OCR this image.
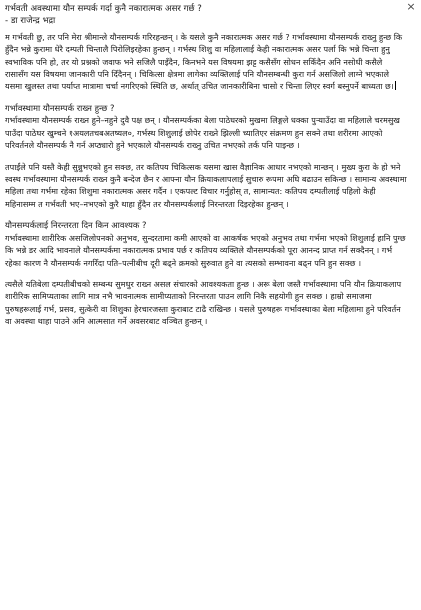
×
गर्भवती अवस्थामा यौन सम्पर्क गर्दा कुनै नकारात्मक असर गर्छ ?
- डा राजेन्द्र भद्रा

म गर्भवती छु, तर पनि मेरा श्रीमान्ले यौनसम्पर्क गरिरहन्छन् । के यसले कुनै नकारात्मक असर गर्छ ? गर्भावस्थामा यौनसम्पर्क राख्नु हुन्छ कि हुँदैन भन्ने कुरामा धेरै दम्पती चिन्तालै पिरोलिइरहेका हुन्छन् । गर्भस्थ शिशु वा महिलालाई केही नकारात्मक असर पर्ला कि भन्ने चिन्ता हुनु स्वभाविक पनि हो, तर यो प्रश्नको जवाफ भने सजिलै पाइँदैन, किनभने यस विषयमा झट्ट कसैसँग सोधन सकिँदैन अनि नसोधी कसैले रासासँग यस विषयमा जानकारी पनि दिँदैनन् । चिकित्सा क्षेत्रमा लागेका व्यक्तिलाई पनि यौनसम्बन्धी कुरा गर्न असजिलो लाग्ने भएकाले यसमा खुलस्त तथा पर्याप्त मात्रामा चर्चा नगरिएको स्थिति छ, अर्थात् उचित जानकारीबिना चासो र चिन्ता लिएर स्वर्ग बस्नुपर्ने बाध्यता छ।

गर्भावस्थामा यौनसम्पर्क राख्न हुन्छ ?

गर्भावस्थामा यौनसम्पर्क राख्न हुने–नहुने दुवै पक्ष छन् । यौनसम्पर्कका बेला पाठेघरको मुखमा लिङ्गले धक्का पुऱ्याउँदा वा महिलाले चरमसुख पाउँदा पाठेघर खुम्चने १अयलतचबअतष्यल०, गर्भस्थ शिशुलाई छोपेर राख्ने झिल्ली च्यातिएर संक्रमण हुन सक्ने तथा शरीरमा आएको परिवर्तनले यौनसम्पर्क नै गर्न अप्ठ्यारो हुने भएकाले यौनसम्पर्क राख्नु उचित नभएको तर्क पनि पाइन्छ ।

तपाईंले पनि यस्तै केही सुन्नुभएको हुन सक्छ, तर कतिपय चिकित्सक यसमा खास वैज्ञानिक आधार नभएको मान्छन् । मुख्य कुरा के हो भने स्वस्थ गर्भावस्थामा यौनसम्पर्क राख्न कुनै बन्देज छैन र आफ्ना यौन क्रियाकलापलाई सुचारु रूपमा अघि बढाउन सकिन्छ । सामान्य अवस्थामा महिला तथा गर्भमा रहेका शिशुमा नकारात्मक असर गर्दैन । एकपल्ट विचार गर्नुहोस् त, सामान्यत: कतिपय दम्पतीलाई पहिलो केही महिनासम्म त गर्भवती भए–नभएको कुरै थाहा हुँदैन तर यौनसम्पर्कलाई निरन्तरता दिइरहेका हुन्छन् ।

यौनसम्पर्कलाई निरन्तरता दिन किन आवश्यक ?

गर्भावस्थामा शारीरिक असजिलोपनको अनुभव, सुन्दरतामा कमी आएको वा आकर्षक भएको अनुभव तथा गर्भमा भएको शिशुलाई हानि पुग्छ कि भन्ने डर आदि भावनाले यौनसम्पर्कमा नकारात्मक प्रभाव पर्छ र कतिपय व्यक्तिले यौनसम्पर्कको पूरा आनन्द प्राप्त गर्न सक्दैनन् । गर्भ रहेका कारण नै यौनसम्पर्क नगरिँदा पति–पत्नीबीच दूरी बढ्ने क्रमको सुरुवात हुने वा त्यसको सम्भावना बढ्न पनि हुन सक्छ ।

त्यसैले यतिबेला दम्पतीबीचको सम्बन्ध सुमधुर राख्न असल संचारको आवश्यकता हुन्छ । अरू बेला जस्तै गर्भावस्थामा पनि यौन क्रियाकलाप शारीरिक सामिप्यताका लागि मात्र नभै भावनात्मक सामीप्यताको निरन्तरता पाउन लागि निकै सहयोगी हुन सक्छ । हाम्रो समाजमा पुरुषहरूलाई गर्भ, प्रसव, सुत्केरी वा शिशुका हेरचारजस्ता कुराबाट टाढै राखिन्छ । यसले पुरुषहरू गर्भावस्थाका बेला महिलामा हुने परिवर्तन वा अवस्था थाहा पाउने अनि आत्मसात गर्ने अवसरबाट वञ्चित हुन्छन् ।
